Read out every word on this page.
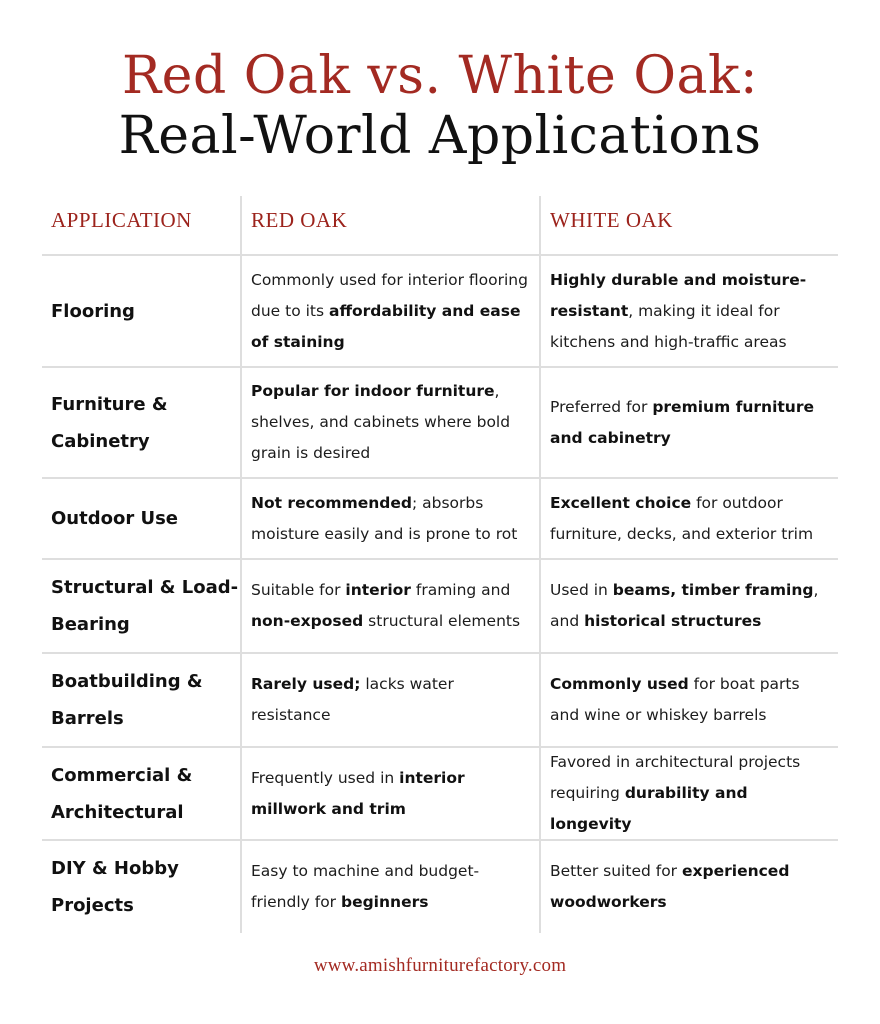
Red Oak vs. White Oak:
Real-World Applications
APPLICATION	RED OAK	WHITE OAK
Flooring
Commonly used for interior flooring due to its affordability and ease of staining
Highly durable and moisture-resistant, making it ideal for kitchens and high-traffic areas
Furniture & Cabinetry
Popular for indoor furniture, shelves, and cabinets where bold grain is desired
Preferred for premium furniture and cabinetry
Outdoor Use
Not recommended; absorbs moisture easily and is prone to rot
Excellent choice for outdoor furniture, decks, and exterior trim
Structural & Load-Bearing
Suitable for interior framing and non-exposed structural elements
Used in beams, timber framing, and historical structures
Boatbuilding & Barrels
Rarely used; lacks water resistance
Commonly used for boat parts and wine or whiskey barrels
Commercial & Architectural
Frequently used in interior millwork and trim
Favored in architectural projects requiring durability and longevity
DIY & Hobby Projects
Easy to machine and budget-friendly for beginners
Better suited for experienced woodworkers
www.amishfurniturefactory.com
